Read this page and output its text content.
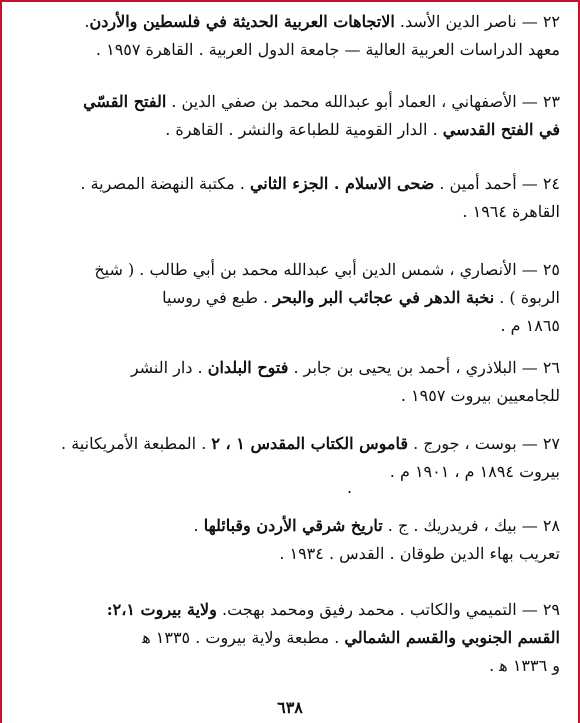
٢٢ — ناصر الدين الأسد. الاتجاهات العربية الحديثة في فلسطين والأردن.
معهد الدراسات العربية العالية — جامعة الدول العربية . القاهرة ١٩٥٧ .
٢٣ — الأصفهاني ، العماد أبو عبدالله محمد بن صفي الدين . الفتح القسّي
في الفتح القدسي . الدار القومية للطباعة والنشر . القاهرة .
٢٤ — أحمد أمين . ضحى الاسلام . الجزء الثاني . مكتبة النهضة المصرية .
القاهرة ١٩٦٤ .
٢٥ — الأنصاري ، شمس الدين أبي عبدالله محمد بن أبي طالب . ( شيخ
الربوة ) . نخبة الدهر في عجائب البر والبحر . طبع في روسيا
١٨٦٥ م .
٢٦ — البلاذري ، أحمد بن يحيى بن جابر . فتوح البلدان . دار النشر
للجامعيين بيروت ١٩٥٧ .
٢٧ — بوست ، جورج . قاموس الكتاب المقدس ١ ، ٢ . المطبعة الأمريكانية .
بيروت ١٨٩٤ م ، ١٩٠١ م .
.
٢٨ — بيك ، فريدريك . ج . تاريخ شرقي الأردن وقبائلها .
تعريب بهاء الدين طوقان . القدس . ١٩٣٤ .
٢٩ — التميمي والكاتب . محمد رفيق ومحمد بهجت. ولاية بيروت ٢،١:
القسم الجنوبي والقسم الشمالي . مطبعة ولاية بيروت . ١٣٣٥ ﻫ
و ١٣٣٦ ﻫ .
٦٣٨
